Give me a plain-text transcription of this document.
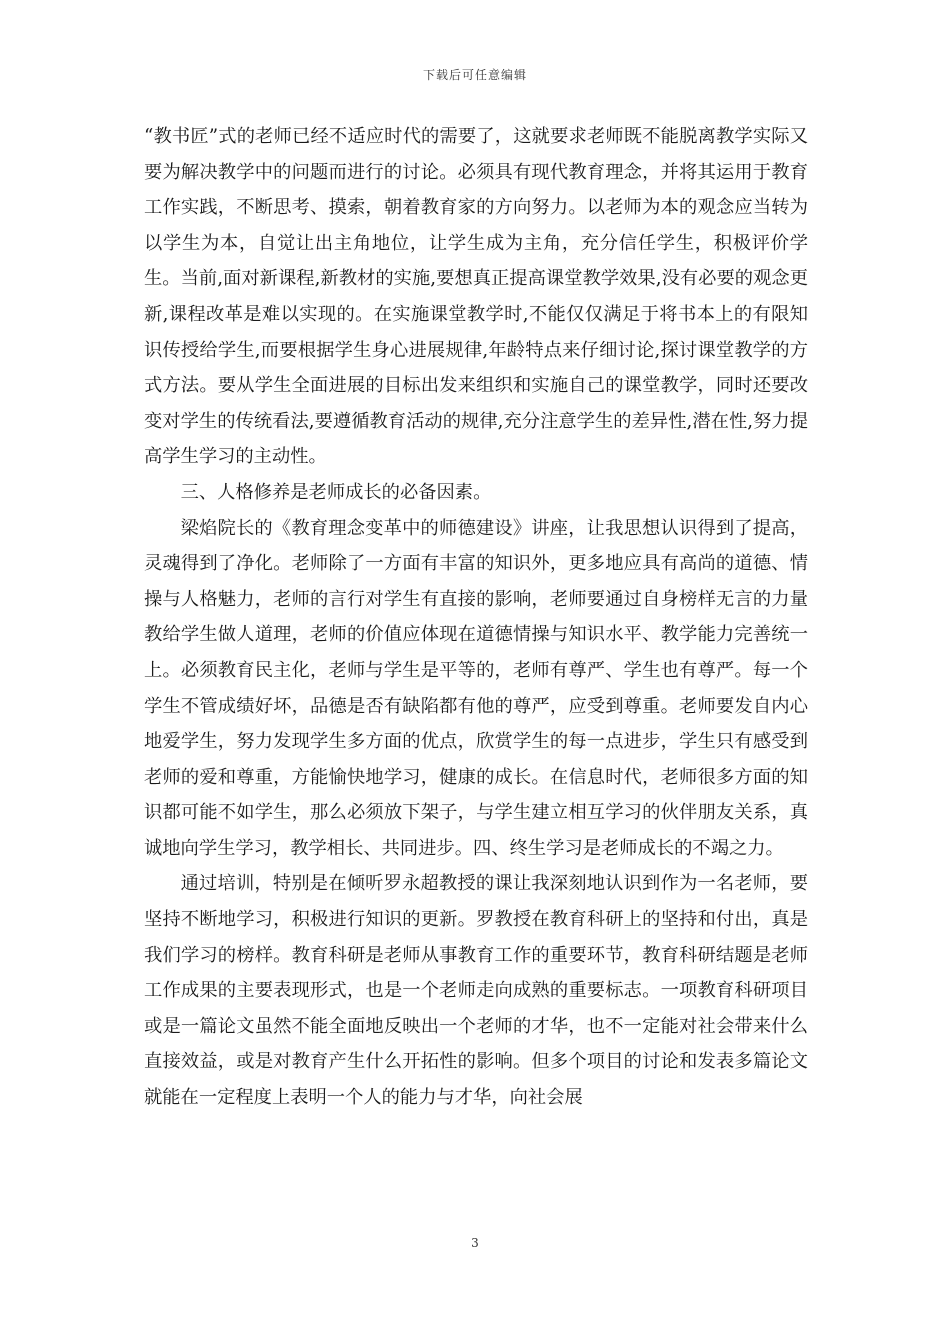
下载后可任意编辑

“教书匠”式的老师已经不适应时代的需要了，这就要求老师既不能脱离教学实际又要为解决教学中的问题而进行的讨论。必须具有现代教育理念，并将其运用于教育工作实践，不断思考、摸索，朝着教育家的方向努力。以老师为本的观念应当转为以学生为本，自觉让出主角地位，让学生成为主角，充分信任学生，积极评价学生。当前,面对新课程,新教材的实施,要想真正提高课堂教学效果,没有必要的观念更新,课程改革是难以实现的。在实施课堂教学时,不能仅仅满足于将书本上的有限知识传授给学生,而要根据学生身心进展规律,年龄特点来仔细讨论,探讨课堂教学的方式方法。要从学生全面进展的目标出发来组织和实施自己的课堂教学，同时还要改变对学生的传统看法,要遵循教育活动的规律,充分注意学生的差异性,潜在性,努力提高学生学习的主动性。

三、人格修养是老师成长的必备因素。

梁焰院长的《教育理念变革中的师德建设》讲座，让我思想认识得到了提高，灵魂得到了净化。老师除了一方面有丰富的知识外，更多地应具有高尚的道德、情操与人格魅力，老师的言行对学生有直接的影响，老师要通过自身榜样无言的力量教给学生做人道理，老师的价值应体现在道德情操与知识水平、教学能力完善统一上。必须教育民主化，老师与学生是平等的，老师有尊严、学生也有尊严。每一个学生不管成绩好坏，品德是否有缺陷都有他的尊严，应受到尊重。老师要发自内心地爱学生，努力发现学生多方面的优点，欣赏学生的每一点进步，学生只有感受到老师的爱和尊重，方能愉快地学习，健康的成长。在信息时代，老师很多方面的知识都可能不如学生，那么必须放下架子，与学生建立相互学习的伙伴朋友关系，真诚地向学生学习，教学相长、共同进步。四、终生学习是老师成长的不竭之力。

通过培训，特别是在倾听罗永超教授的课让我深刻地认识到作为一名老师，要坚持不断地学习，积极进行知识的更新。罗教授在教育科研上的坚持和付出，真是我们学习的榜样。教育科研是老师从事教育工作的重要环节，教育科研结题是老师工作成果的主要表现形式，也是一个老师走向成熟的重要标志。一项教育科研项目或是一篇论文虽然不能全面地反映出一个老师的才华，也不一定能对社会带来什么直接效益，或是对教育产生什么开拓性的影响。但多个项目的讨论和发表多篇论文就能在一定程度上表明一个人的能力与才华，向社会展

3
